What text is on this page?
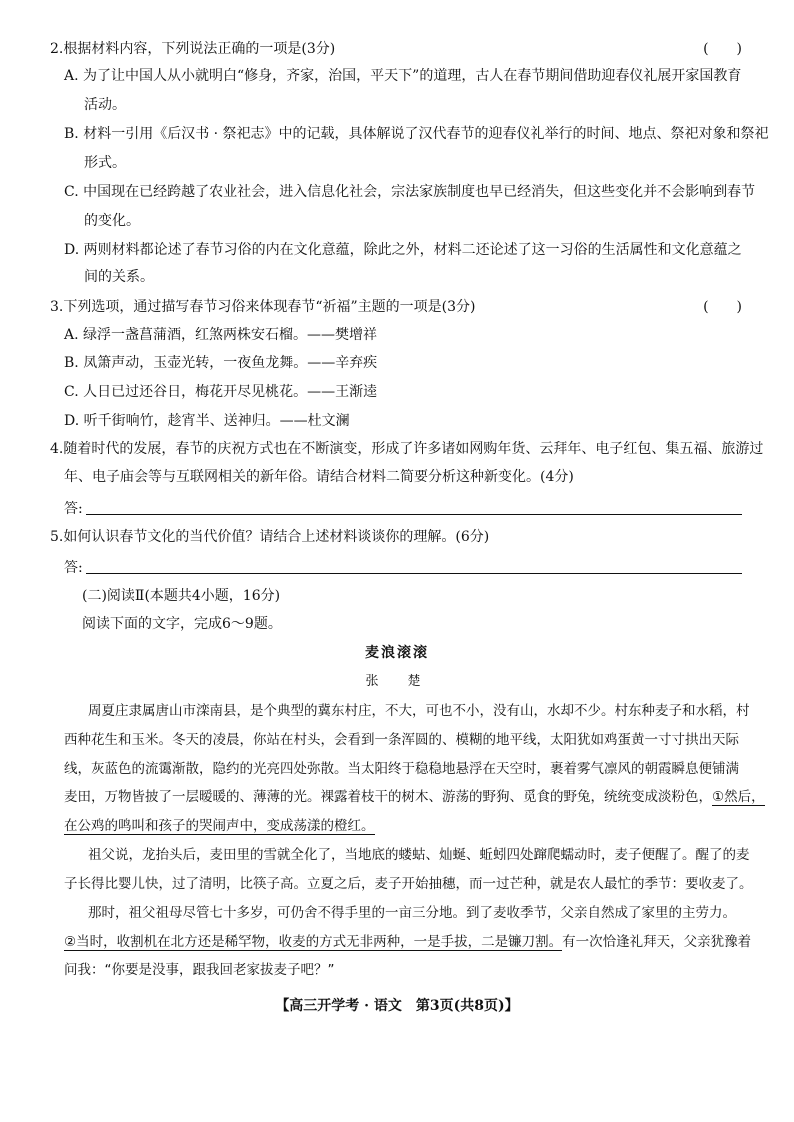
2.根据材料内容，下列说法正确的一项是(3分)	(　　)
A. 为了让中国人从小就明白“修身，齐家，治国，平天下”的道理，古人在春节期间借助迎春仪礼展开家国教育
活动。
B. 材料一引用《后汉书 · 祭祀志》中的记载，具体解说了汉代春节的迎春仪礼举行的时间、地点、祭祀对象和祭祀
形式。
C. 中国现在已经跨越了农业社会，进入信息化社会，宗法家族制度也早已经消失，但这些变化并不会影响到春节
的变化。
D. 两则材料都论述了春节习俗的内在文化意蕴，除此之外，材料二还论述了这一习俗的生活属性和文化意蕴之
间的关系。
3.下列选项，通过描写春节习俗来体现春节“祈福”主题的一项是(3分)	(　　)
A. 绿浮一盏菖蒲酒，红煞两株安石榴。——樊增祥
B. 凤箫声动，玉壶光转，一夜鱼龙舞。——辛弃疾
C. 人日已过还谷日，梅花开尽见桃花。——王渐逵
D. 听千街响竹，趁宵半、送神归。——杜文澜
4.随着时代的发展，春节的庆祝方式也在不断演变，形成了许多诸如网购年货、云拜年、电子红包、集五福、旅游过
年、电子庙会等与互联网相关的新年俗。请结合材料二简要分析这种新变化。(4分)
答:
5.如何认识春节文化的当代价值？请结合上述材料谈谈你的理解。(6分)
答:
(二)阅读Ⅱ(本题共4小题，16分)
阅读下面的文字，完成6～9题。
麦浪滚滚
张　楚
周夏庄隶属唐山市滦南县，是个典型的冀东村庄，不大，可也不小，没有山，水却不少。村东种麦子和水稻，村
西种花生和玉米。冬天的凌晨，你站在村头，会看到一条浑圆的、模糊的地平线，太阳犹如鸡蛋黄一寸寸拱出天际
线，灰蓝色的流霭渐散，隐约的光亮四处弥散。当太阳终于稳稳地悬浮在天空时，裹着雾气凛风的朝霞瞬息便铺满
麦田，万物皆披了一层暧暖的、薄薄的光。裸露着枝干的树木、游荡的野狗、觅食的野兔，统统变成淡粉色，①然后，
在公鸡的鸣叫和孩子的哭闹声中，变成荡漾的橙红。
祖父说，龙抬头后，麦田里的雪就全化了，当地底的蝼蛄、灿蜒、蚯蚓四处蹿爬蠕动时，麦子便醒了。醒了的麦
子长得比婴儿快，过了清明，比筷子高。立夏之后，麦子开始抽穗，而一过芒种，就是农人最忙的季节：要收麦了。
那时，祖父祖母尽管七十多岁，可仍舍不得手里的一亩三分地。到了麦收季节，父亲自然成了家里的主劳力。
②当时，收割机在北方还是稀罕物，收麦的方式无非两种，一是手拔，二是镰刀割。有一次恰逢礼拜天，父亲犹豫着
问我：“你要是没事，跟我回老家拔麦子吧？”
【高三开学考 · 语文　第3页(共8页)】
